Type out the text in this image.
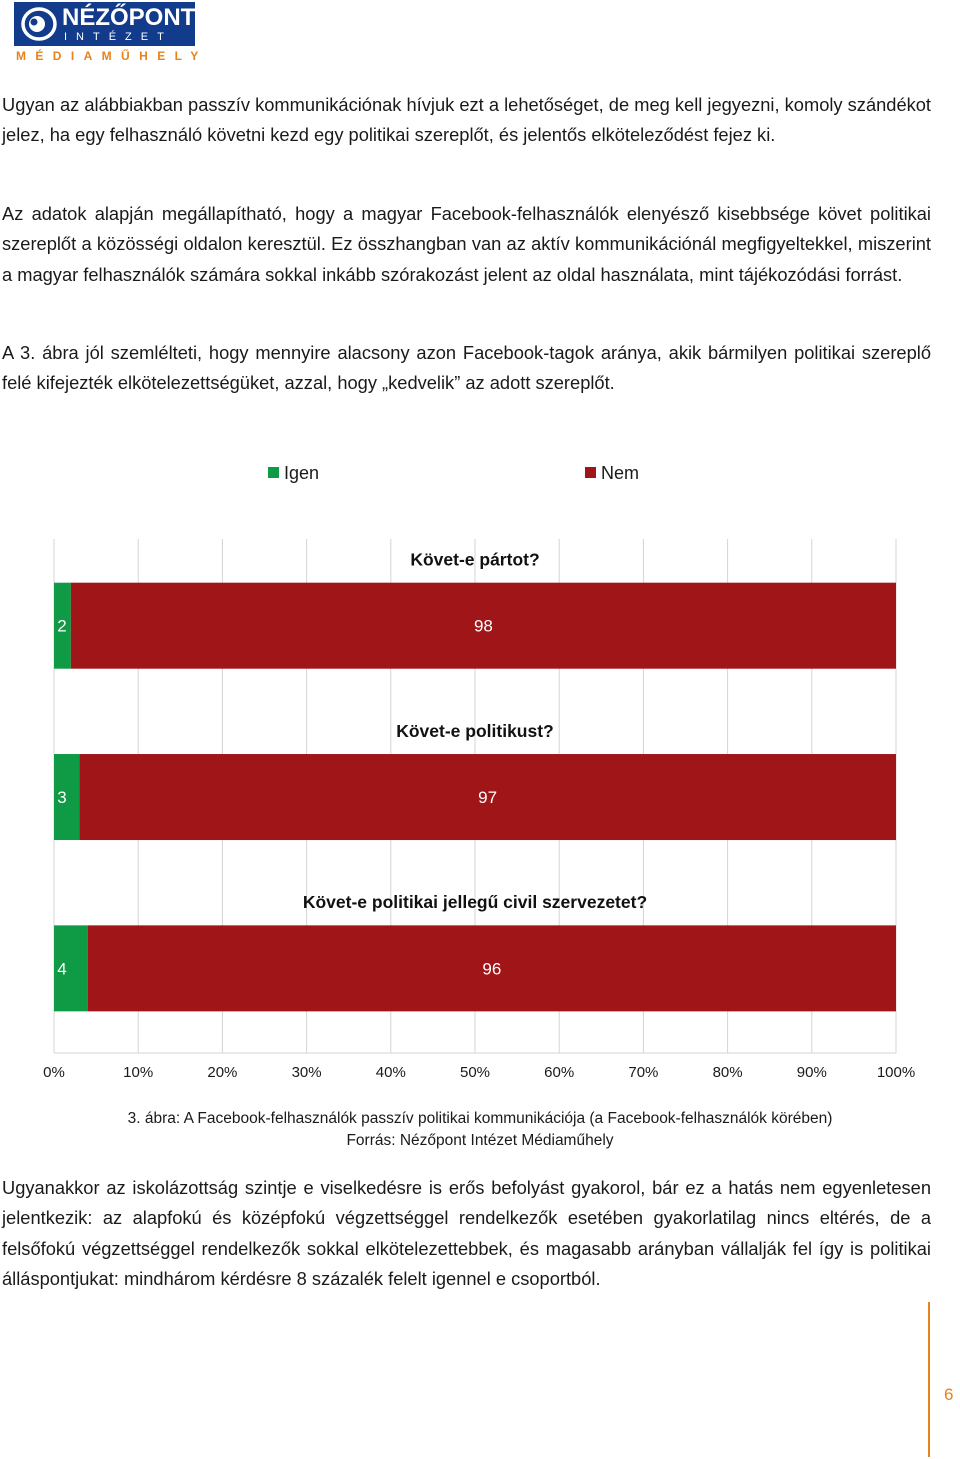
NÉZŐPONT
INTÉZET
MÉDIAMŰHELY

Ugyan az alábbiakban passzív kommunikációnak hívjuk ezt a lehetőséget, de meg kell jegyezni, komoly szándékot jelez, ha egy felhasználó követni kezd egy politikai szereplőt, és jelentős elköteleződést fejez ki.

Az adatok alapján megállapítható, hogy a magyar Facebook-felhasználók elenyésző kisebbsége követ politikai szereplőt a közösségi oldalon keresztül. Ez összhangban van az aktív kommunikációnál megfigyeltekkel, miszerint a magyar felhasználók számára sokkal inkább szórakozást jelent az oldal használata, mint tájékozódási forrást.

A 3. ábra jól szemlélteti, hogy mennyire alacsony azon Facebook-tagok aránya, akik bármilyen politikai szereplő felé kifejezték elkötelezettségüket, azzal, hogy „kedvelik” az adott szereplőt.

Igen	Nem
Követ-e pártot?
2	98
Követ-e politikust?
3	97
Követ-e politikai jellegű civil szervezetet?
4	96
0%	10%	20%	30%	40%	50%	60%	70%	80%	90%	100%
3. ábra: A Facebook-felhasználók passzív politikai kommunikációja (a Facebook-felhasználók körében)
Forrás: Nézőpont Intézet Médiaműhely

Ugyanakkor az iskolázottság szintje e viselkedésre is erős befolyást gyakorol, bár ez a hatás nem egyenletesen jelentkezik: az alapfokú és középfokú végzettséggel rendelkezők esetében gyakorlatilag nincs eltérés, de a felsőfokú végzettséggel rendelkezők sokkal elkötelezettebbek, és magasabb arányban vállalják fel így is politikai álláspontjukat: mindhárom kérdésre 8 százalék felelt igennel e csoportból.

6
